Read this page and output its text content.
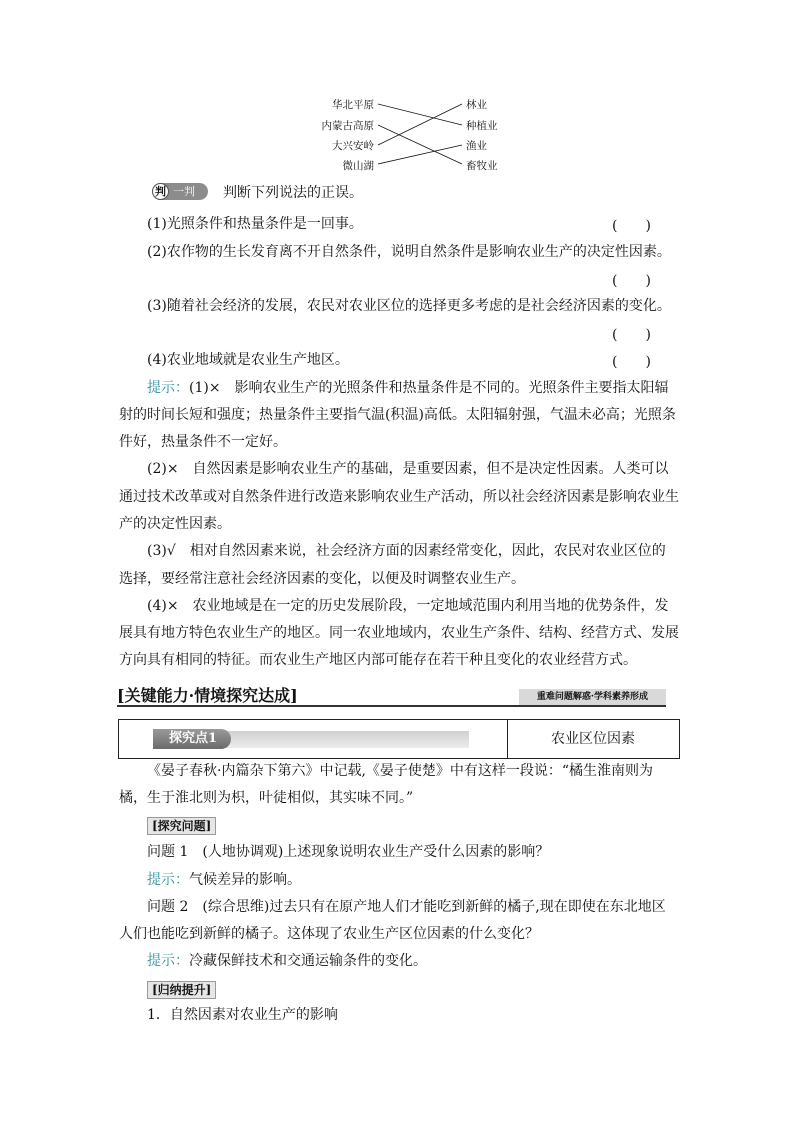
华北平原
内蒙古高原
大兴安岭
微山湖
林业
种植业
渔业
畜牧业
判 一判 判断下列说法的正误。
(1)光照条件和热量条件是一回事。	(　　)
(2)农作物的生长发育离不开自然条件，说明自然条件是影响农业生产的决定性因素。
(　　)
(3)随着社会经济的发展，农民对农业区位的选择更多考虑的是社会经济因素的变化。
(　　)
(4)农业地域就是农业生产地区。	(　　)
提示：(1)×　影响农业生产的光照条件和热量条件是不同的。光照条件主要指太阳辐
射的时间长短和强度；热量条件主要指气温(积温)高低。太阳辐射强，气温未必高；光照条
件好，热量条件不一定好。
(2)×　自然因素是影响农业生产的基础，是重要因素，但不是决定性因素。人类可以
通过技术改革或对自然条件进行改造来影响农业生产活动，所以社会经济因素是影响农业生
产的决定性因素。
(3)√　相对自然因素来说，社会经济方面的因素经常变化，因此，农民对农业区位的
选择，要经常注意社会经济因素的变化，以便及时调整农业生产。
(4)×　农业地域是在一定的历史发展阶段，一定地域范围内利用当地的优势条件，发
展具有地方特色农业生产的地区。同一农业地域内，农业生产条件、结构、经营方式、发展
方向具有相同的特征。而农业生产地区内部可能存在若干种且变化的农业经营方式。
[关键能力·情境探究达成]	重难问题解惑·学科素养形成
探究点1	农业区位因素
《晏子春秋·内篇杂下第六》中记载,《晏子使楚》中有这样一段说：“橘生淮南则为
橘，生于淮北则为枳，叶徒相似，其实味不同。”
[探究问题]
问题 1　(人地协调观)上述现象说明农业生产受什么因素的影响？
提示：气候差异的影响。
问题 2　(综合思维)过去只有在原产地人们才能吃到新鲜的橘子,现在即使在东北地区
人们也能吃到新鲜的橘子。这体现了农业生产区位因素的什么变化？
提示：冷藏保鲜技术和交通运输条件的变化。
[归纳提升]
1．自然因素对农业生产的影响
